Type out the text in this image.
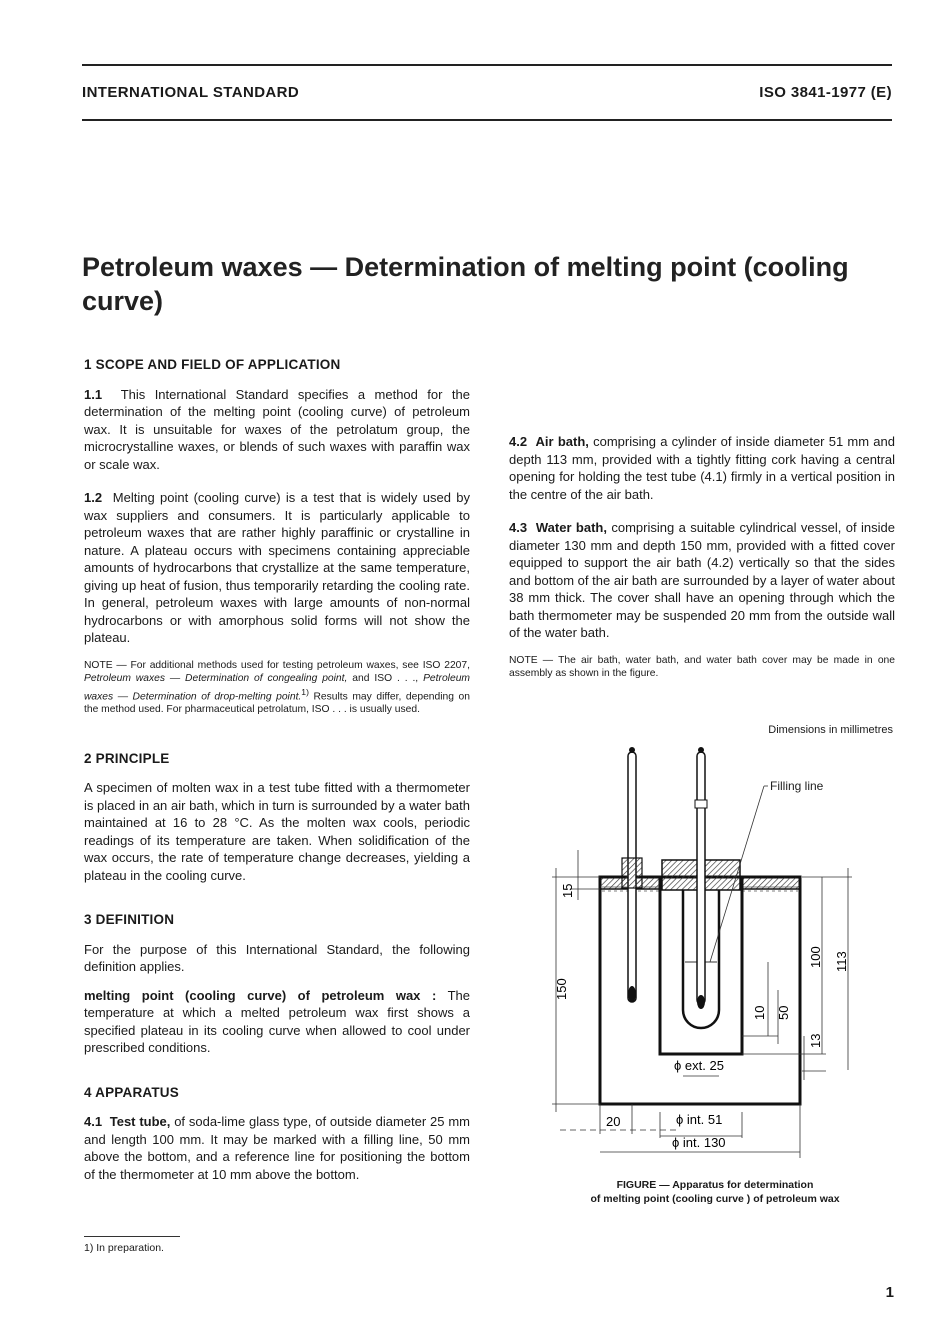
INTERNATIONAL STANDARD	ISO 3841-1977 (E)
Petroleum waxes — Determination of melting point (cooling curve)

1 SCOPE AND FIELD OF APPLICATION

1.1 This International Standard specifies a method for the determination of the melting point (cooling curve) of petroleum wax. It is unsuitable for waxes of the petrolatum group, the microcrystalline waxes, or blends of such waxes with paraffin wax or scale wax.

1.2 Melting point (cooling curve) is a test that is widely used by wax suppliers and consumers. It is particularly applicable to petroleum waxes that are rather highly paraffinic or crystalline in nature. A plateau occurs with specimens containing appreciable amounts of hydrocarbons that crystallize at the same temperature, giving up heat of fusion, thus temporarily retarding the cooling rate. In general, petroleum waxes with large amounts of non-normal hydrocarbons or with amorphous solid forms will not show the plateau.

NOTE — For additional methods used for testing petroleum waxes, see ISO 2207, Petroleum waxes — Determination of congealing point, and ISO . . ., Petroleum waxes — Determination of drop-melting point.$^{1)}$ Results may differ, depending on the method used. For pharmaceutical petrolatum, ISO . . . is usually used.

2 PRINCIPLE

A specimen of molten wax in a test tube fitted with a thermometer is placed in an air bath, which in turn is surrounded by a water bath maintained at 16 to 28 °C. As the molten wax cools, periodic readings of its temperature are taken. When solidification of the wax occurs, the rate of temperature change decreases, yielding a plateau in the cooling curve.

3 DEFINITION

For the purpose of this International Standard, the following definition applies.

melting point (cooling curve) of petroleum wax : The temperature at which a melted petroleum wax first shows a specified plateau in its cooling curve when allowed to cool under prescribed conditions.

4 APPARATUS

4.1 Test tube, of soda-lime glass type, of outside diameter 25 mm and length 100 mm. It may be marked with a filling line, 50 mm above the bottom, and a reference line for positioning the bottom of the thermometer at 10 mm above the bottom.

1) In preparation.

4.2 Air bath, comprising a cylinder of inside diameter 51 mm and depth 113 mm, provided with a tightly fitting cork having a central opening for holding the test tube (4.1) firmly in a vertical position in the centre of the air bath.

4.3 Water bath, comprising a suitable cylindrical vessel, of inside diameter 130 mm and depth 150 mm, provided with a fitted cover equipped to support the air bath (4.2) vertically so that the sides and bottom of the air bath are surrounded by a layer of water about 38 mm thick. The cover shall have an opening through which the bath thermometer may be suspended 20 mm from the outside wall of the water bath.

NOTE — The air bath, water bath, and water bath cover may be made in one assembly as shown in the figure.

Dimensions in millimetres
Filling line
150
15
100 113
10 50
13
20
ϕ ext. 25
ϕ int. 51
ϕ int. 130
FIGURE — Apparatus for determination
of melting point (cooling curve ) of petroleum wax
1
